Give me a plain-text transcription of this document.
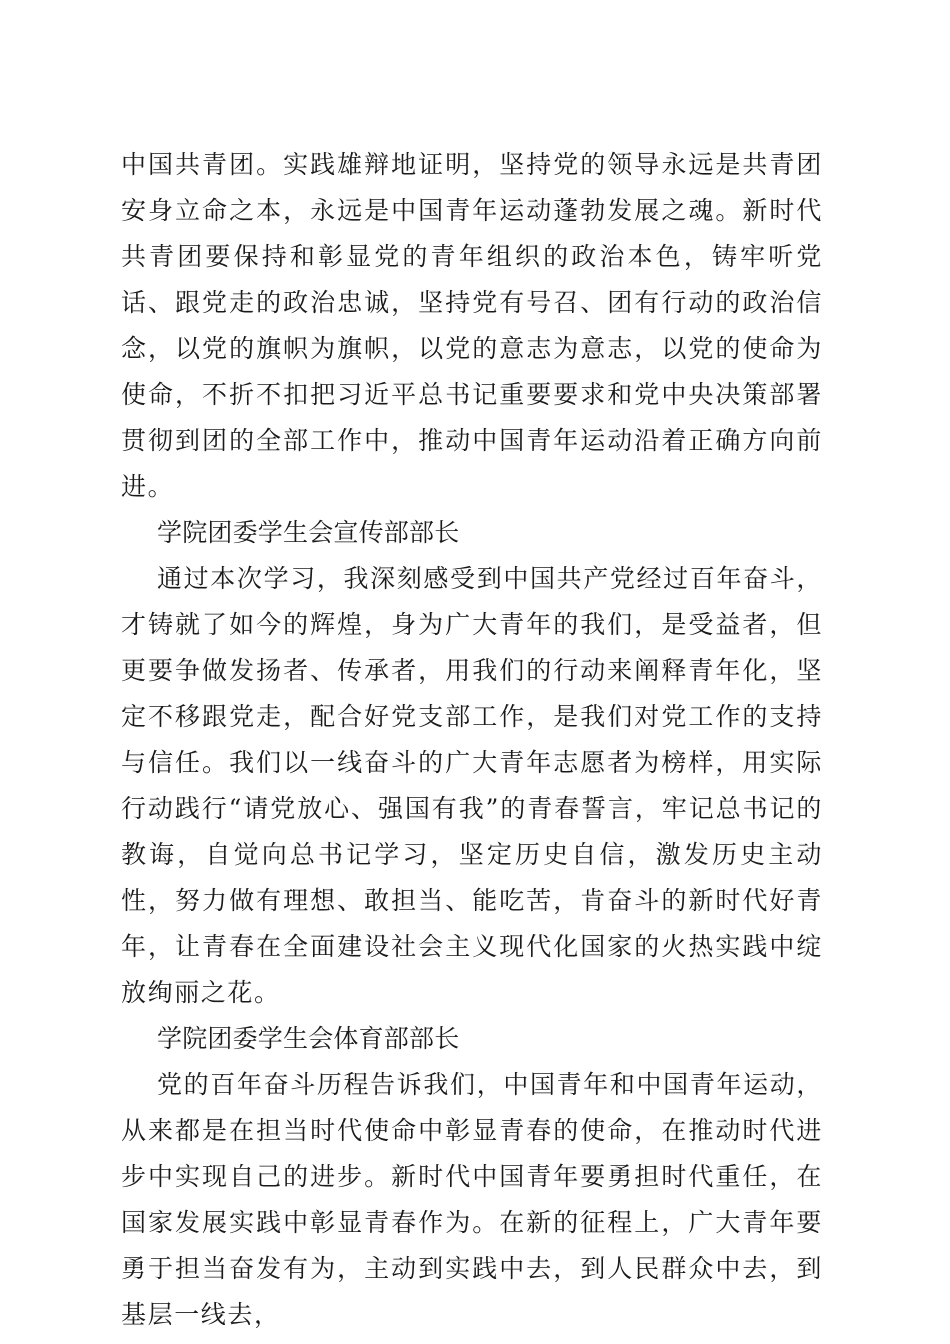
中国共青团。实践雄辩地证明，坚持党的领导永远是共青团安身立命之本，永远是中国青年运动蓬勃发展之魂。新时代共青团要保持和彰显党的青年组织的政治本色，铸牢听党话、跟党走的政治忠诚，坚持党有号召、团有行动的政治信念，以党的旗帜为旗帜，以党的意志为意志，以党的使命为使命，不折不扣把习近平总书记重要要求和党中央决策部署贯彻到团的全部工作中，推动中国青年运动沿着正确方向前进。

学院团委学生会宣传部部长

通过本次学习，我深刻感受到中国共产党经过百年奋斗，才铸就了如今的辉煌，身为广大青年的我们，是受益者，但更要争做发扬者、传承者，用我们的行动来阐释青年化，坚定不移跟党走，配合好党支部工作，是我们对党工作的支持与信任。我们以一线奋斗的广大青年志愿者为榜样，用实际行动践行“请党放心、强国有我”的青春誓言，牢记总书记的教诲，自觉向总书记学习，坚定历史自信，激发历史主动性，努力做有理想、敢担当、能吃苦，肯奋斗的新时代好青年，让青春在全面建设社会主义现代化国家的火热实践中绽放绚丽之花。

学院团委学生会体育部部长

党的百年奋斗历程告诉我们，中国青年和中国青年运动，从来都是在担当时代使命中彰显青春的使命，在推动时代进步中实现自己的进步。新时代中国青年要勇担时代重任，在国家发展实践中彰显青春作为。在新的征程上，广大青年要勇于担当奋发有为，主动到实践中去，到人民群众中去，到基层一线去，
